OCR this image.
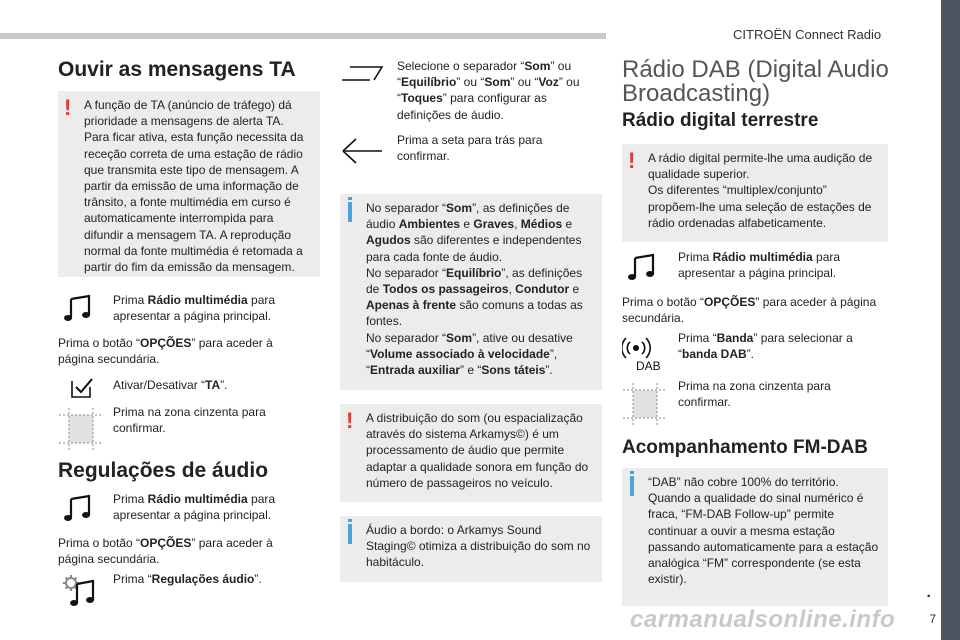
CITROËN Connect Radio
.
7
Ouvir as mensagens TA
! A função de TA (anúncio de tráfego) dá prioridade a mensagens de alerta TA. Para ficar ativa, esta função necessita da receção correta de uma estação de rádio que transmita este tipo de mensagem. A partir da emissão de uma informação de trânsito, a fonte multimédia em curso é automaticamente interrompida para difundir a mensagem TA. A reprodução normal da fonte multimédia é retomada a partir do fim da emissão da mensagem.
Prima Rádio multimédia para apresentar a página principal.
Prima o botão “OPÇÕES” para aceder à página secundária.
Ativar/Desativar “TA”.
Prima na zona cinzenta para confirmar.
Regulações de áudio
Prima Rádio multimédia para apresentar a página principal.
Prima o botão “OPÇÕES” para aceder à página secundária.
Prima “Regulações áudio”.
Selecione o separador “Som” ou “Equilíbrio” ou “Som” ou “Voz” ou “Toques” para configurar as definições de áudio.
Prima a seta para trás para confirmar.
No separador “Som”, as definições de áudio Ambientes e Graves, Médios e Agudos são diferentes e independentes para cada fonte de áudio.
No separador “Equilíbrio”, as definições de Todos os passageiros, Condutor e Apenas à frente são comuns a todas as fontes.
No separador “Som”, ative ou desative “Volume associado à velocidade”, “Entrada auxiliar” e “Sons táteis”.
! A distribuição do som (ou espacialização através do sistema Arkamys©) é um processamento de áudio que permite adaptar a qualidade sonora em função do número de passageiros no veículo.
Áudio a bordo: o Arkamys Sound Staging© otimiza a distribuição do som no habitáculo.
Rádio DAB (Digital Audio
Broadcasting)
Rádio digital terrestre
! A rádio digital permite-lhe uma audição de qualidade superior.
Os diferentes “multiplex/conjunto” propõem-lhe uma seleção de estações de rádio ordenadas alfabeticamente.
Prima Rádio multimédia para apresentar a página principal.
Prima o botão “OPÇÕES” para aceder à página secundária.
DAB
Prima “Banda” para selecionar a “banda DAB”.
Prima na zona cinzenta para confirmar.
Acompanhamento FM-DAB
“DAB” não cobre 100% do território. Quando a qualidade do sinal numérico é fraca, “FM-DAB Follow-up” permite continuar a ouvir a mesma estação passando automaticamente para a estação analógica “FM” correspondente (se esta existir).
carmanualsonline.info
